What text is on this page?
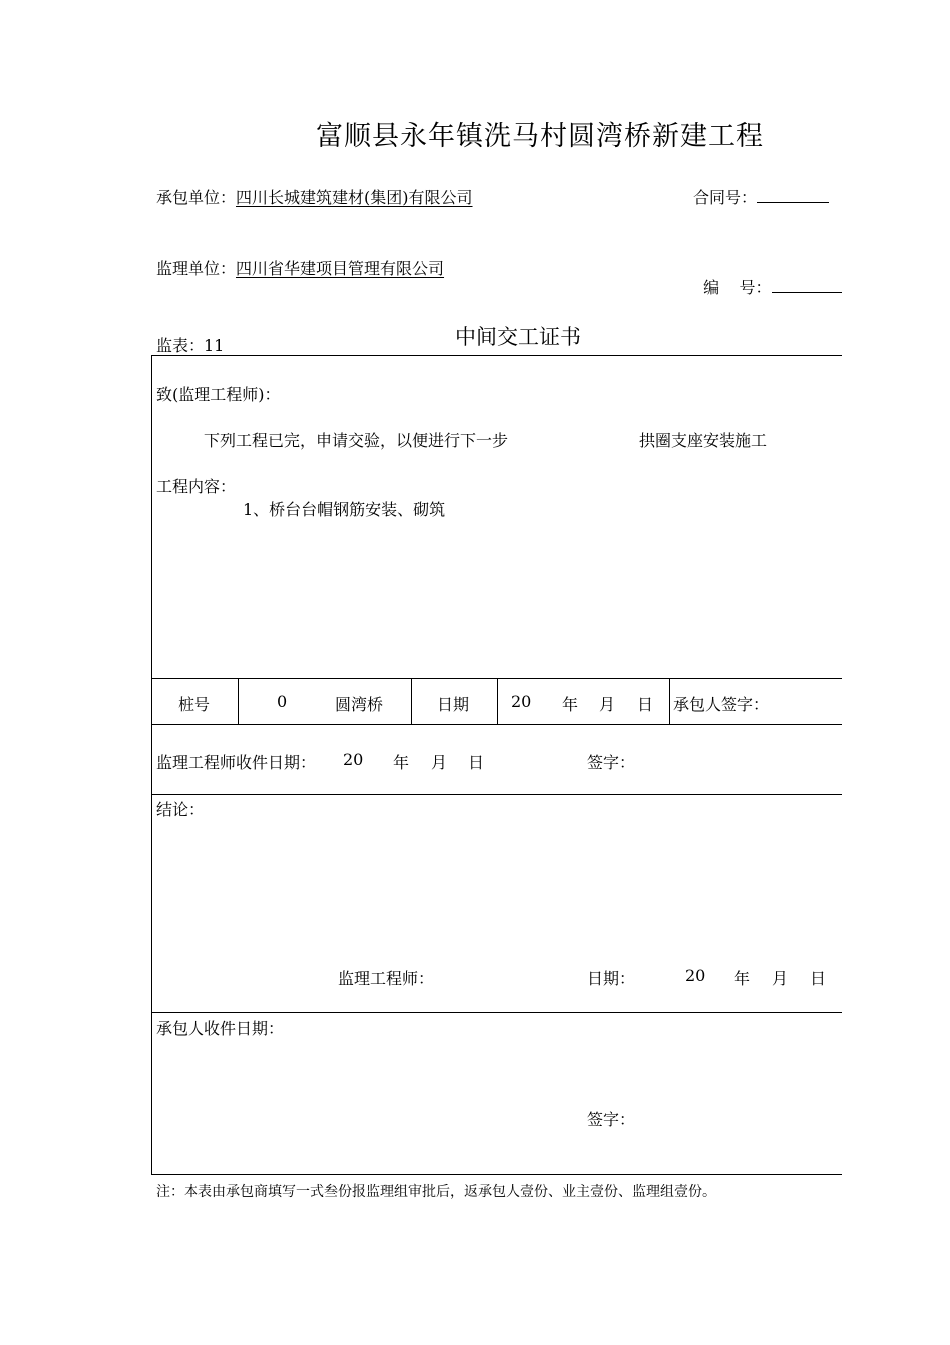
富顺县永年镇洗马村圆湾桥新建工程
承包单位：四川长城建筑建材(集团)有限公司	合同号：
监理单位：四川省华建项目管理有限公司

编    号：

监表：11	中间交工证书
致(监理工程师)：
下列工程已完，申请交验，以便进行下一步	拱圈支座安装施工
工程内容：
1、桥台台帽钢筋安装、砌筑
桩号	0	圆湾桥	日期	20 年 月 日 承包人签字：
监理工程师收件日期： 20 年 月 日	签字：
结论：
监理工程师：	日期：	20 年 月 日
承包人收件日期：
签字：
注：本表由承包商填写一式叁份报监理组审批后，返承包人壹份、业主壹份、监理组壹份。
